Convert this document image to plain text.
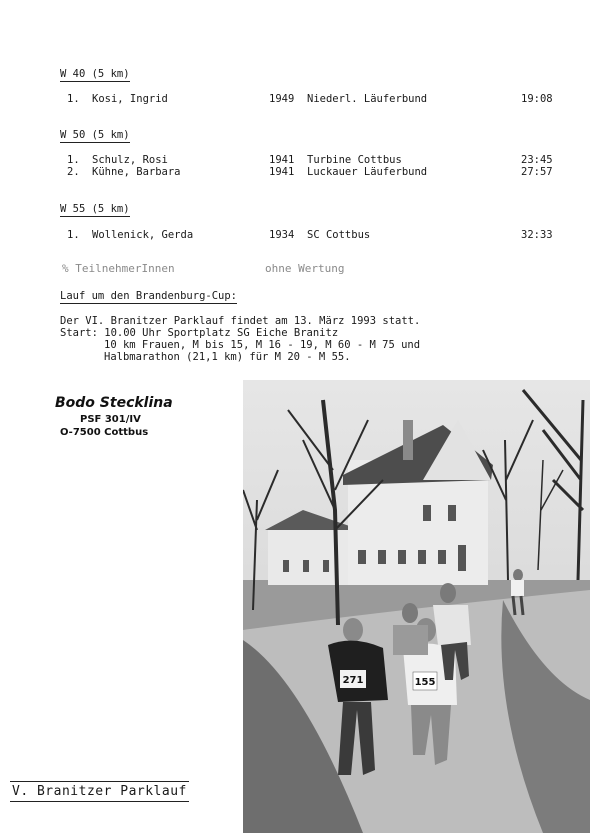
W 40 (5 km)
1. Kosi, Ingrid	1949 Niederl. Läuferbund	19:08
W 50 (5 km)
1. Schulz, Rosi	1941 Turbine Cottbus	23:45
2. Kühne, Barbara	1941 Luckauer Läuferbund	27:57
W 55 (5 km)
1. Wollenick, Gerda	1934 SC Cottbus	32:33
% TeilnehmerInnen	ohne Wertung
Lauf um den Brandenburg-Cup:
Der VI. Branitzer Parklauf findet am 13. März 1993 statt.
Start: 10.00 Uhr Sportplatz SG Eiche Branitz
10 km Frauen, M bis 15, M 16 - 19, M 60 - M 75 und
Halbmarathon (21,1 km) für M 20 - M 55.
Bodo Stecklina
PSF 301/IV
O-7500 Cottbus
271	155
V. Branitzer Parklauf
